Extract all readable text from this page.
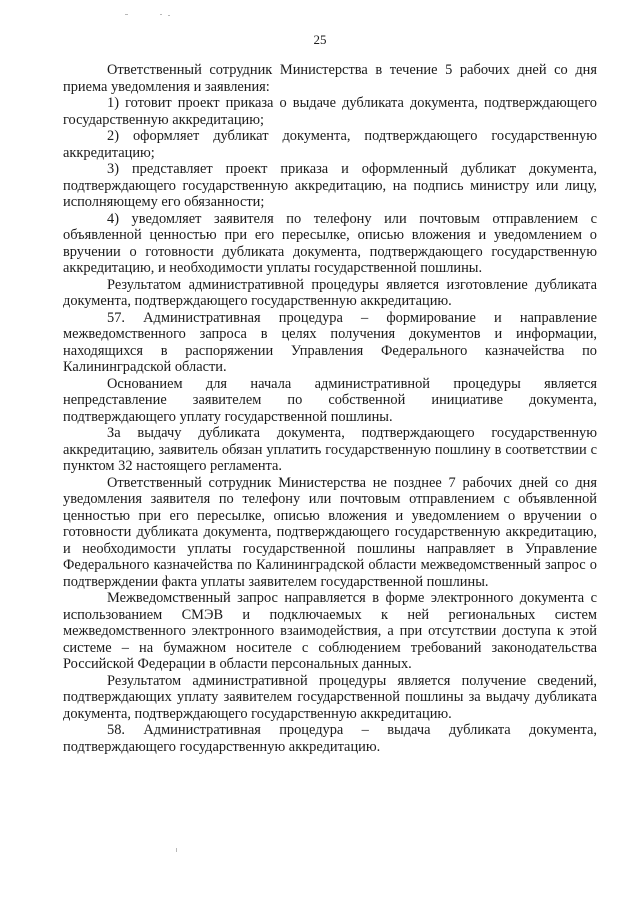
25

Ответственный сотрудник Министерства в течение 5 рабочих дней со дня приема уведомления и заявления:

1) готовит проект приказа о выдаче дубликата документа, подтверждающего государственную аккредитацию;

2) оформляет дубликат документа, подтверждающего государственную аккредитацию;

3) представляет проект приказа и оформленный дубликат документа, подтверждающего государственную аккредитацию, на подпись министру или лицу, исполняющему его обязанности;

4) уведомляет заявителя по телефону или почтовым отправлением с объявленной ценностью при его пересылке, описью вложения и уведомлением о вручении о готовности дубликата документа, подтверждающего государственную аккредитацию, и необходимости уплаты государственной пошлины.

Результатом административной процедуры является изготовление дубликата документа, подтверждающего государственную аккредитацию.

57. Административная процедура – формирование и направление межведомственного запроса в целях получения документов и информации, находящихся в распоряжении Управления Федерального казначейства по Калининградской области.

Основанием для начала административной процедуры является непредставление заявителем по собственной инициативе документа, подтверждающего уплату государственной пошлины.

За выдачу дубликата документа, подтверждающего государственную аккредитацию, заявитель обязан уплатить государственную пошлину в соответствии с пунктом 32 настоящего регламента.

Ответственный сотрудник Министерства не позднее 7 рабочих дней со дня уведомления заявителя по телефону или почтовым отправлением с объявленной ценностью при его пересылке, описью вложения и уведомлением о вручении о готовности дубликата документа, подтверждающего государственную аккредитацию, и необходимости уплаты государственной пошлины направляет в Управление Федерального казначейства по Калининградской области межведомственный запрос о подтверждении факта уплаты заявителем государственной пошлины.

Межведомственный запрос направляется в форме электронного документа с использованием СМЭВ и подключаемых к ней региональных систем межведомственного электронного взаимодействия, а при отсутствии доступа к этой системе – на бумажном носителе с соблюдением требований законодательства Российской Федерации в области персональных данных.

Результатом административной процедуры является получение сведений, подтверждающих уплату заявителем государственной пошлины за выдачу дубликата документа, подтверждающего государственную аккредитацию.

58. Административная процедура – выдача дубликата документа, подтверждающего государственную аккредитацию.
